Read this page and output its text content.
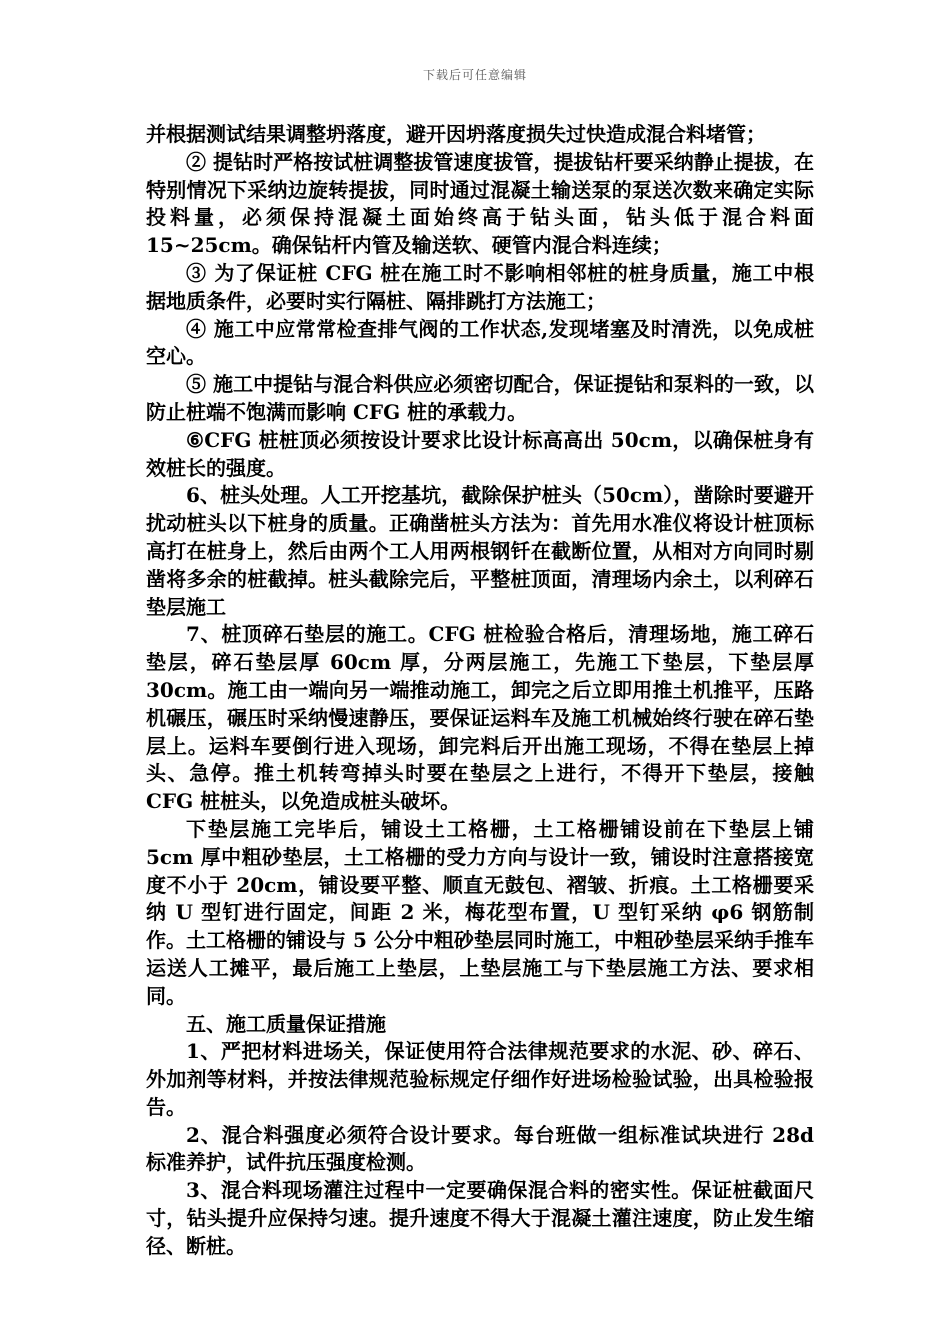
下载后可任意编辑

并根据测试结果调整坍落度，避开因坍落度损失过快造成混合料堵管；

② 提钻时严格按试桩调整拔管速度拔管，提拔钻杆要采纳静止提拔，在特别情况下采纳边旋转提拔，同时通过混凝土输送泵的泵送次数来确定实际投料量，必须保持混凝土面始终高于钻头面，钻头低于混合料面 15~25cm。确保钻杆内管及输送软、硬管内混合料连续；

③ 为了保证桩 CFG 桩在施工时不影响相邻桩的桩身质量，施工中根据地质条件，必要时实行隔桩、隔排跳打方法施工；

④ 施工中应常常检查排气阀的工作状态,发现堵塞及时清洗，以免成桩空心。

⑤ 施工中提钻与混合料供应必须密切配合，保证提钻和泵料的一致，以防止桩端不饱满而影响 CFG 桩的承载力。

⑥CFG 桩桩顶必须按设计要求比设计标高高出 50cm，以确保桩身有效桩长的强度。

6、桩头处理。人工开挖基坑，截除保护桩头（50cm），凿除时要避开扰动桩头以下桩身的质量。正确凿桩头方法为：首先用水准仪将设计桩顶标高打在桩身上，然后由两个工人用两根钢钎在截断位置，从相对方向同时剔凿将多余的桩截掉。桩头截除完后，平整桩顶面，清理场内余土，以利碎石垫层施工

7、桩顶碎石垫层的施工。CFG 桩检验合格后，清理场地，施工碎石垫层，碎石垫层厚 60cm 厚，分两层施工，先施工下垫层，下垫层厚 30cm。施工由一端向另一端推动施工，卸完之后立即用推土机推平，压路机碾压，碾压时采纳慢速静压，要保证运料车及施工机械始终行驶在碎石垫层上。运料车要倒行进入现场，卸完料后开出施工现场，不得在垫层上掉头、急停。推土机转弯掉头时要在垫层之上进行，不得开下垫层，接触 CFG 桩桩头，以免造成桩头破坏。

下垫层施工完毕后，铺设土工格栅，土工格栅铺设前在下垫层上铺 5cm 厚中粗砂垫层，土工格栅的受力方向与设计一致，铺设时注意搭接宽度不小于 20cm，铺设要平整、顺直无鼓包、褶皱、折痕。土工格栅要采纳 U 型钉进行固定，间距 2 米，梅花型布置，U 型钉采纳 φ6 钢筋制作。土工格栅的铺设与 5 公分中粗砂垫层同时施工，中粗砂垫层采纳手推车运送人工摊平，最后施工上垫层，上垫层施工与下垫层施工方法、要求相同。

五、施工质量保证措施

1、严把材料进场关，保证使用符合法律规范要求的水泥、砂、碎石、外加剂等材料，并按法律规范验标规定仔细作好进场检验试验，出具检验报告。

2、混合料强度必须符合设计要求。每台班做一组标准试块进行 28d 标准养护，试件抗压强度检测。

3、混合料现场灌注过程中一定要确保混合料的密实性。保证桩截面尺寸，钻头提升应保持匀速。提升速度不得大于混凝土灌注速度，防止发生缩径、断桩。
